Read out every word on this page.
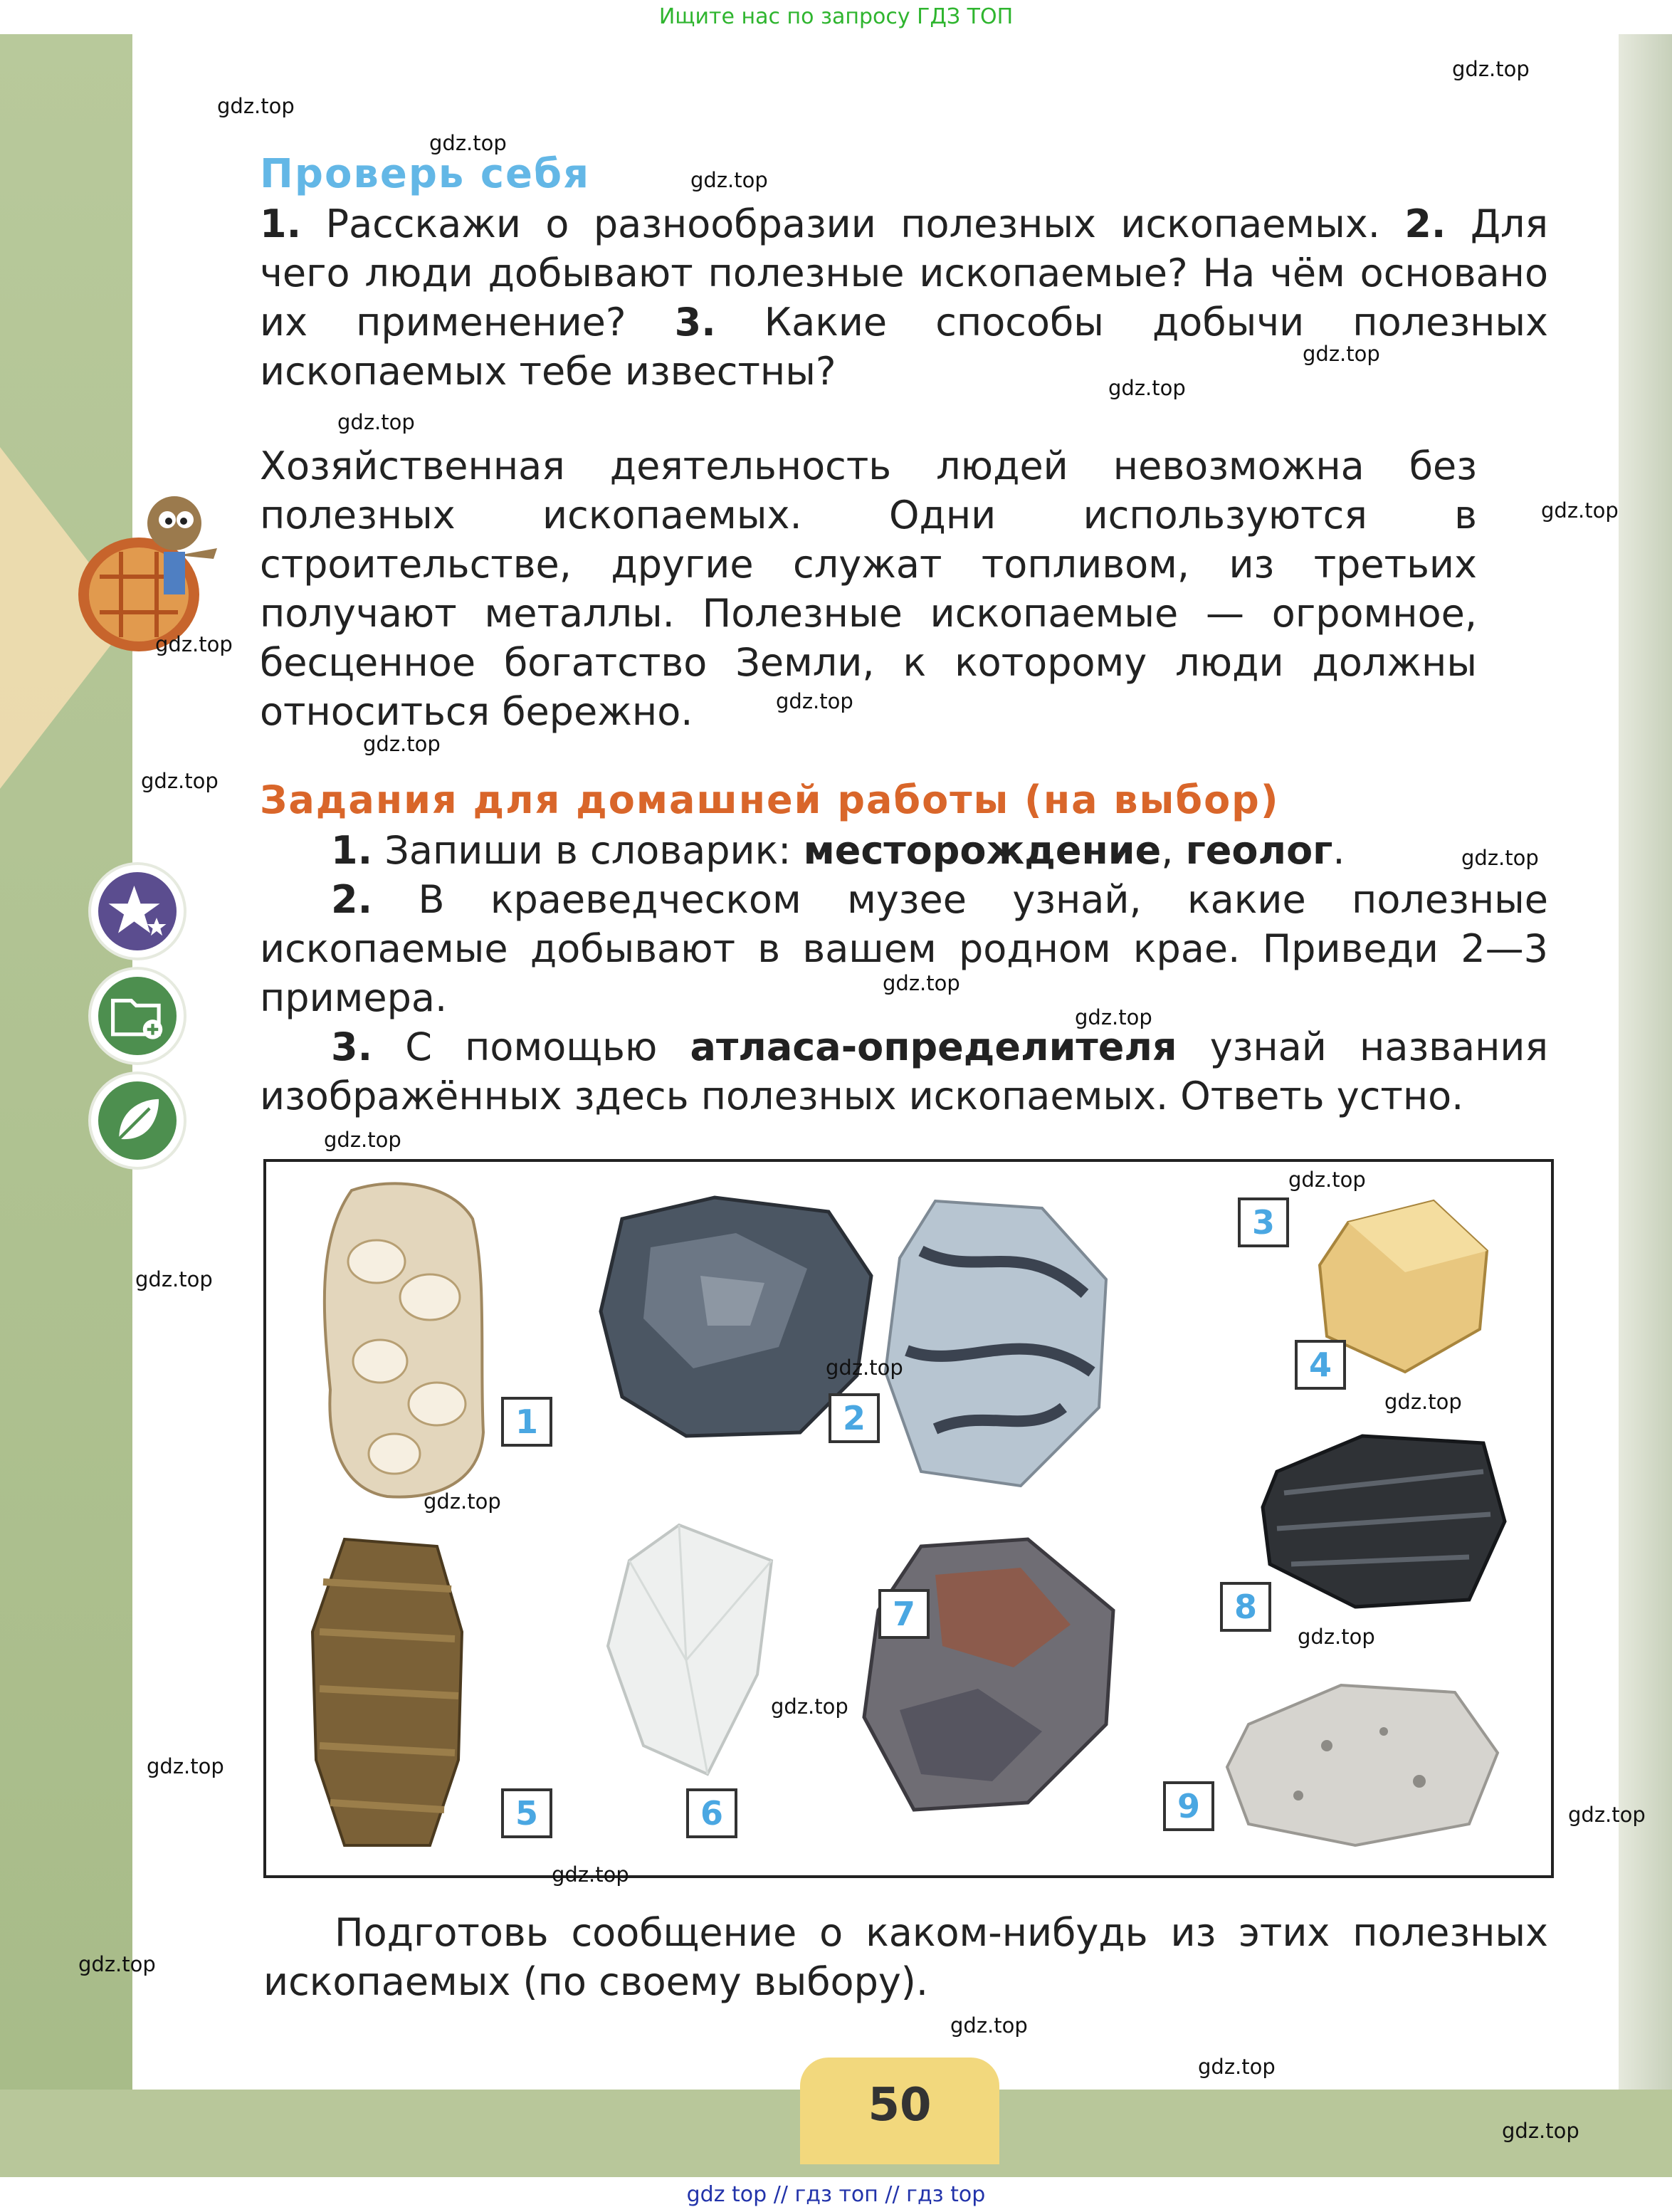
Ищите нас по запросу ГДЗ ТОП
Проверь себя
1. Расскажи о разнообразии полезных ископаемых. 2. Для чего люди добывают полезные ископаемые? На чём основано их применение? 3. Какие способы добычи полезных ископаемых тебе известны?
Хозяйственная деятельность людей невозможна без полезных ископаемых. Одни используются в строительстве, другие служат топливом, из третьих получают металлы. Полезные ископаемые — огромное, бесценное богатство Земли, к которому люди должны относиться бережно.
Задания для домашней работы (на выбор)
1. Запиши в словарик: месторождение, геолог.
2. В краеведческом музее узнай, какие полезные ископаемые добывают в вашем родном крае. Приведи 2—3 примера.
3. С помощью атласа-определителя узнай названия изображённых здесь полезных ископаемых. Ответь устно.
1	2
3
4
5	6
7	8
9
Подготовь сообщение о каком-нибудь из этих полезных ископаемых (по своему выбору).
50
gdz.top
gdz.top
gdz.top
gdz.top
gdz.top
gdz.top
gdz.top
gdz.top
gdz.top
gdz.top
gdz.top
gdz.top
gdz.top
gdz.top
gdz.top
gdz.top
gdz.top
gdz.top
gdz.top
gdz.top
gdz.top
gdz.top
gdz.top
gdz.top
gdz.top
gdz.top
gdz.top
gdz.top
gdz.top
gdz.top
gdz top // гдз топ // гдз top
